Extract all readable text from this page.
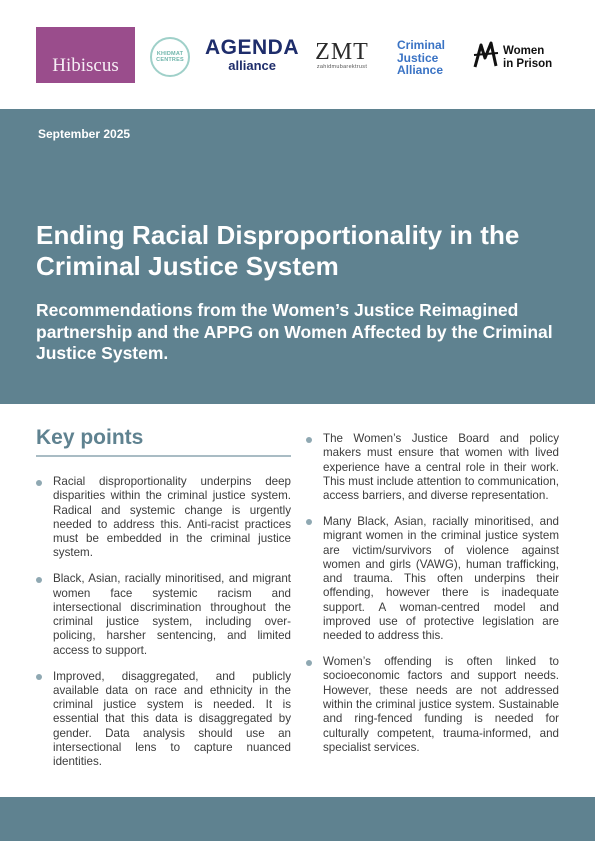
Hibiscus
KHIDMAT CENTRES
AGENDA
alliance
ZMT
zahidmubarektrust
Criminal
Justice
Alliance
Women
in Prison
September 2025
Ending Racial Disproportionality in the Criminal Justice System
Recommendations from the Women’s Justice Reimagined partnership and the APPG on Women Affected by the Criminal Justice System.
Key points
Racial disproportionality underpins deep disparities within the criminal justice system. Radical and systemic change is urgently needed to address this. Anti-racist practices must be embedded in the criminal justice system.
Black, Asian, racially minoritised, and migrant women face systemic racism and intersectional discrimination throughout the criminal justice system, including over-policing, harsher sentencing, and limited access to support.
Improved, disaggregated, and publicly available data on race and ethnicity in the criminal justice system is needed. It is essential that this data is disaggregated by gender. Data analysis should use an intersectional lens to capture nuanced identities.
The Women’s Justice Board and policy makers must ensure that women with lived experience have a central role in their work. This must include attention to communication, access barriers, and diverse representation.
Many Black, Asian, racially minoritised, and migrant women in the criminal justice system are victim/survivors of violence against women and girls (VAWG), human trafficking, and trauma. This often underpins their offending, however there is inadequate support. A woman-centred model and improved use of protective legislation are needed to address this.
Women’s offending is often linked to socioeconomic factors and support needs. However, these needs are not addressed within the criminal justice system. Sustainable and ring-fenced funding is needed for culturally competent, trauma-informed, and specialist services.
